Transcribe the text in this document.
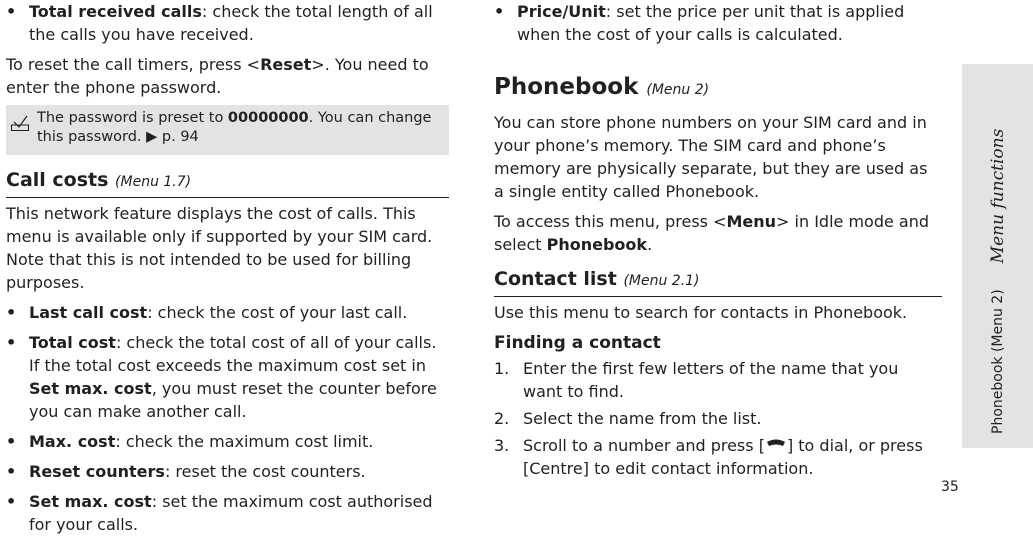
• Total received calls: check the total length of all the calls you have received.

To reset the call timers, press <Reset>. You need to enter the phone password.

The password is preset to 00000000. You can change this password. ▶ p. 94
Call costs (Menu 1.7)

This network feature displays the cost of calls. This menu is available only if supported by your SIM card. Note that this is not intended to be used for billing purposes.

• Last call cost: check the cost of your last call.

• Total cost: check the total cost of all of your calls. If the total cost exceeds the maximum cost set in Set max. cost, you must reset the counter before you can make another call.

• Max. cost: check the maximum cost limit.

• Reset counters: reset the cost counters.

• Set max. cost: set the maximum cost authorised for your calls.

• Price/Unit: set the price per unit that is applied when the cost of your calls is calculated.

Phonebook (Menu 2)

You can store phone numbers on your SIM card and in your phone’s memory. The SIM card and phone’s memory are physically separate, but they are used as a single entity called Phonebook.

To access this menu, press <Menu> in Idle mode and select Phonebook.

Contact list (Menu 2.1)

Use this menu to search for contacts in Phonebook.

Finding a contact

1. Enter the first few letters of the name that you want to find.

2. Select the name from the list.

3. Scroll to a number and press [ ] to dial, or press [Centre] to edit contact information.

Phonebook (Menu 2)
Menu functions
35
